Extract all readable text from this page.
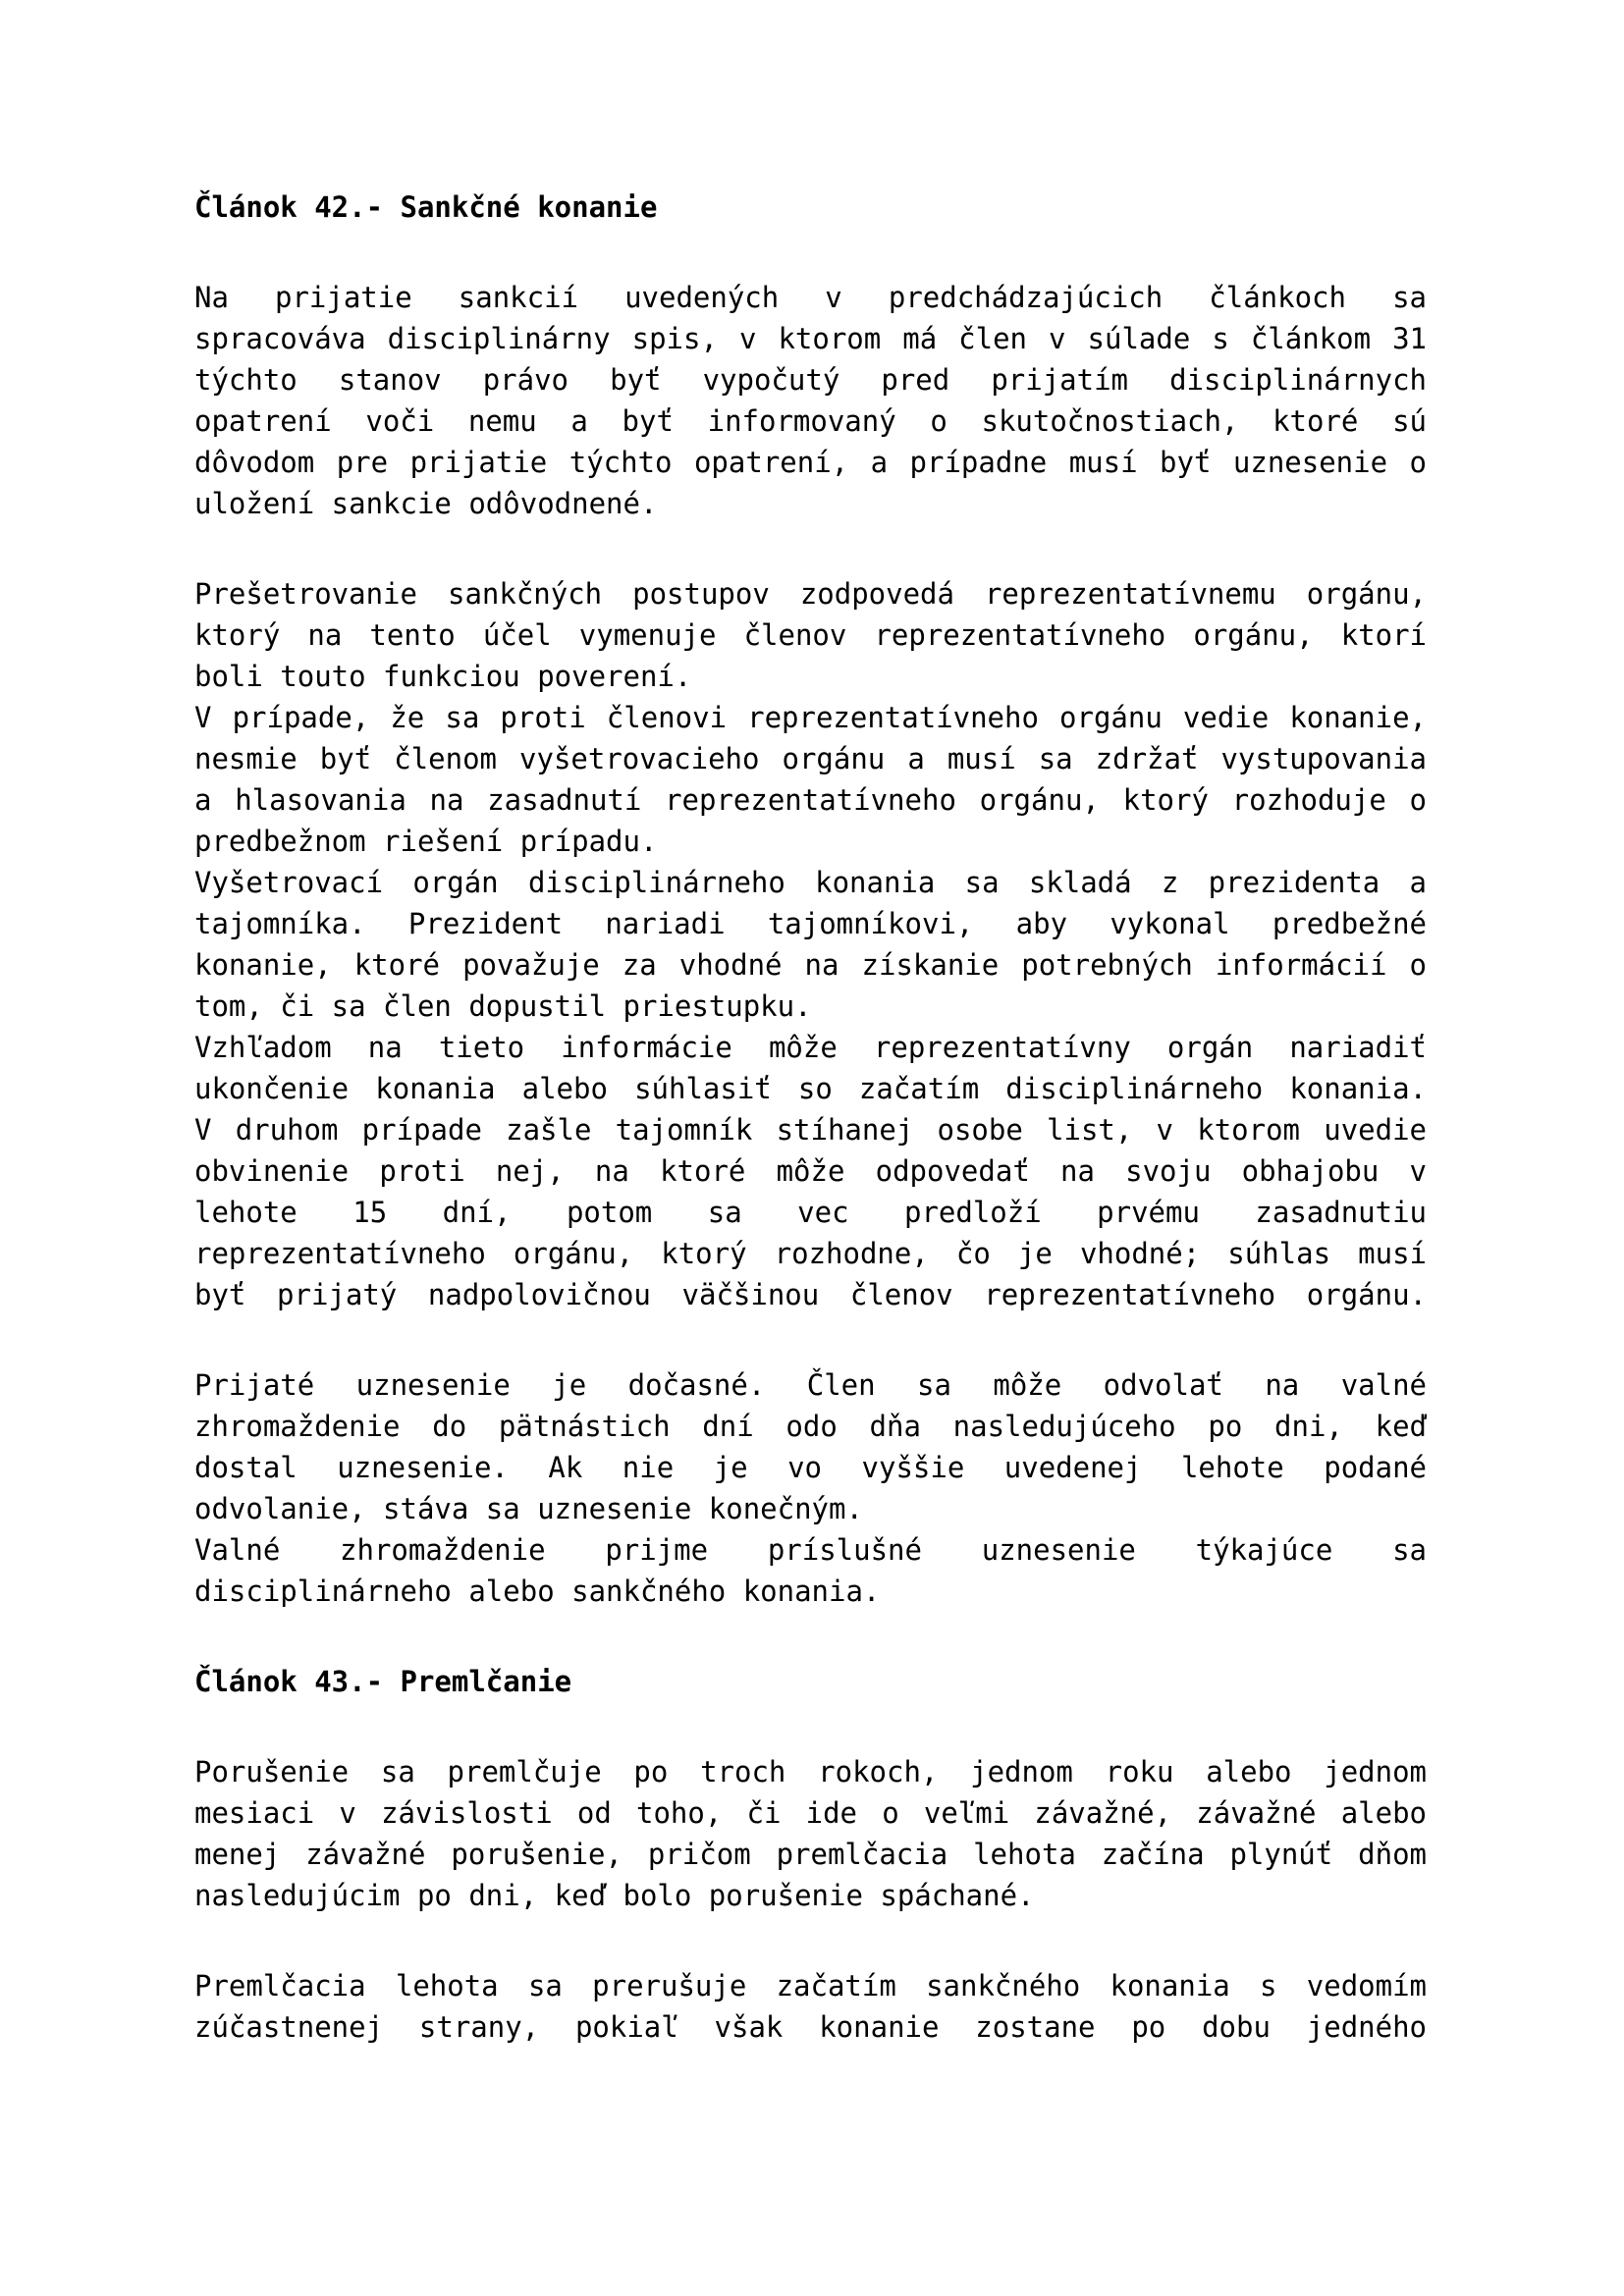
Článok 42.- Sankčné konanie
Na prijatie sankcií uvedených v predchádzajúcich článkoch sa
spracováva disciplinárny spis, v ktorom má člen v súlade s článkom 31
týchto stanov právo byť vypočutý pred prijatím disciplinárnych
opatrení voči nemu a byť informovaný o skutočnostiach, ktoré sú
dôvodom pre prijatie týchto opatrení, a prípadne musí byť uznesenie o
uložení sankcie odôvodnené.
Prešetrovanie sankčných postupov zodpovedá reprezentatívnemu orgánu,
ktorý na tento účel vymenuje členov reprezentatívneho orgánu, ktorí
boli touto funkciou poverení.
V prípade, že sa proti členovi reprezentatívneho orgánu vedie konanie,
nesmie byť členom vyšetrovacieho orgánu a musí sa zdržať vystupovania
a hlasovania na zasadnutí reprezentatívneho orgánu, ktorý rozhoduje o
predbežnom riešení prípadu.
Vyšetrovací orgán disciplinárneho konania sa skladá z prezidenta a
tajomníka. Prezident nariadi tajomníkovi, aby vykonal predbežné
konanie, ktoré považuje za vhodné na získanie potrebných informácií o
tom, či sa člen dopustil priestupku.
Vzhľadom na tieto informácie môže reprezentatívny orgán nariadiť
ukončenie konania alebo súhlasiť so začatím disciplinárneho konania.
V druhom prípade zašle tajomník stíhanej osobe list, v ktorom uvedie
obvinenie proti nej, na ktoré môže odpovedať na svoju obhajobu v
lehote 15 dní, potom sa vec predloží prvému zasadnutiu
reprezentatívneho orgánu, ktorý rozhodne, čo je vhodné; súhlas musí
byť prijatý nadpolovičnou väčšinou členov reprezentatívneho orgánu.
Prijaté uznesenie je dočasné. Člen sa môže odvolať na valné
zhromaždenie do pätnástich dní odo dňa nasledujúceho po dni, keď
dostal uznesenie. Ak nie je vo vyššie uvedenej lehote podané
odvolanie, stáva sa uznesenie konečným.
Valné zhromaždenie prijme príslušné uznesenie týkajúce sa
disciplinárneho alebo sankčného konania.
Článok 43.- Premlčanie
Porušenie sa premlčuje po troch rokoch, jednom roku alebo jednom
mesiaci v závislosti od toho, či ide o veľmi závažné, závažné alebo
menej závažné porušenie, pričom premlčacia lehota začína plynúť dňom
nasledujúcim po dni, keď bolo porušenie spáchané.
Premlčacia lehota sa prerušuje začatím sankčného konania s vedomím
zúčastnenej strany, pokiaľ však konanie zostane po dobu jedného
